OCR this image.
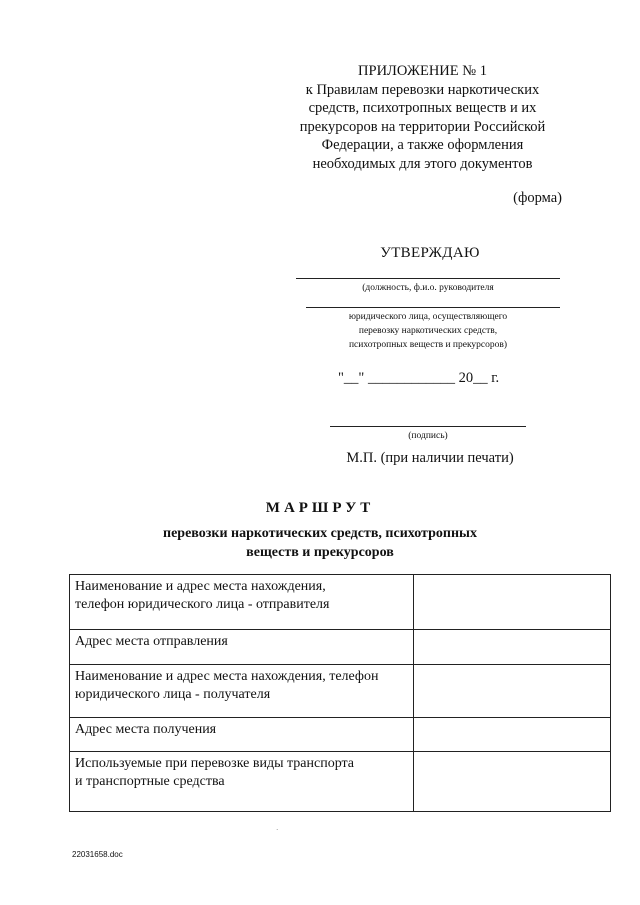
ПРИЛОЖЕНИЕ № 1
к Правилам перевозки наркотических
средств, психотропных веществ и их
прекурсоров на территории Российской
Федерации, а также оформления
необходимых для этого документов
(форма)
УТВЕРЖДАЮ
(должность, ф.и.о. руководителя
юридического лица, осуществляющего
перевозку наркотических средств,
психотропных веществ и прекурсоров)
"__" ____________ 20__ г.
(подпись)
М.П. (при наличии печати)
МАРШРУТ
перевозки наркотических средств, психотропных
веществ и прекурсоров
Наименование и адрес места нахождения,
телефон юридического лица - отправителя	

Адрес места отправления	

Наименование и адрес места нахождения, телефон
юридического лица - получателя	

Адрес места получения	

Используемые при перевозке виды транспорта
и транспортные средства	

·
22031658.doc
